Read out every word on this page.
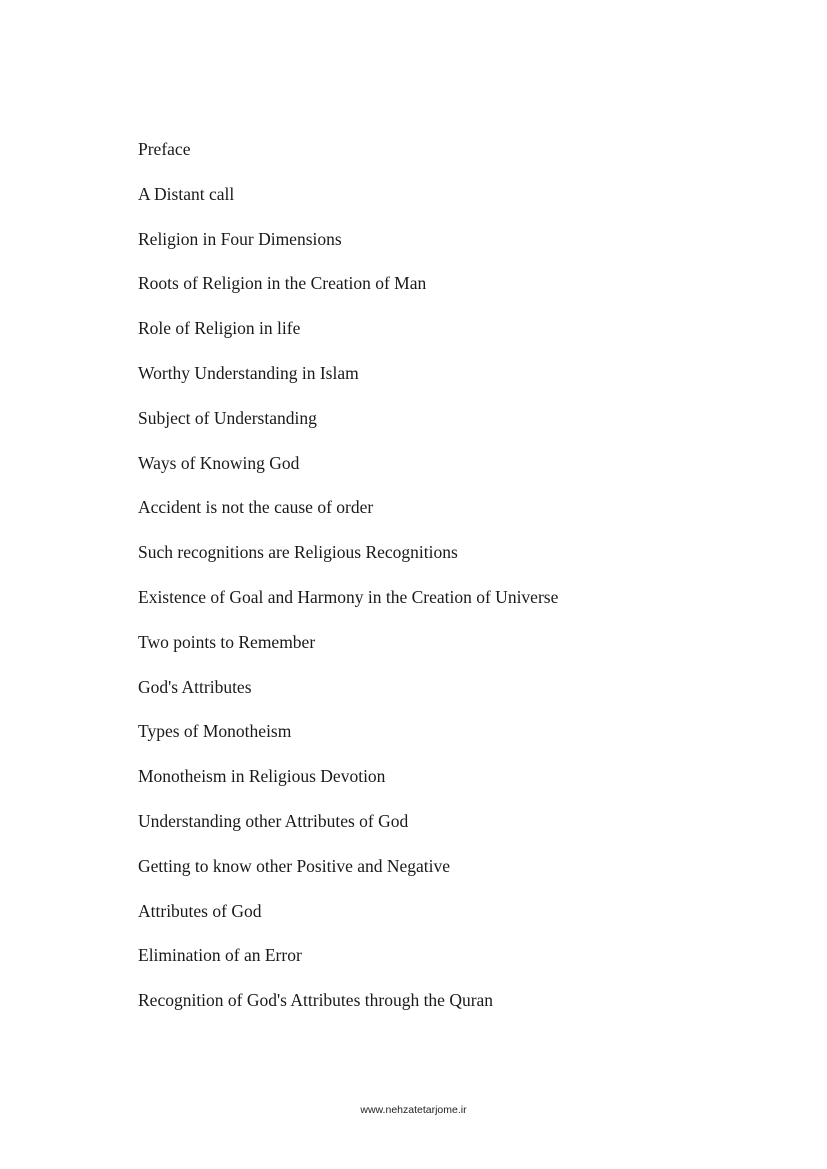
Preface
A Distant call
Religion in Four Dimensions
Roots of Religion in the Creation of Man
Role of Religion in life
Worthy Understanding in Islam
Subject of Understanding
Ways of Knowing God
Accident is not the cause of order
Such recognitions are Religious Recognitions
Existence of Goal and Harmony in the Creation of Universe
Two points to Remember
God's Attributes
Types of Monotheism
Monotheism in Religious Devotion
Understanding other Attributes of God
Getting to know other Positive and Negative
Attributes of God
Elimination of an Error
Recognition of God's Attributes through the Quran
www.nehzatetarjome.ir
